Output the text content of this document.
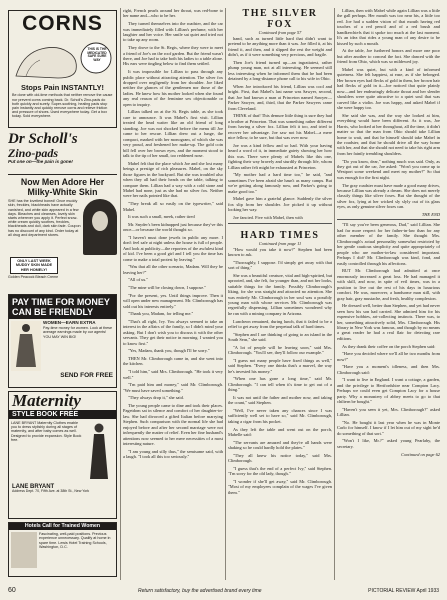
CORNS
THIS IS THE MEDICATED SAFE SURE WAY
Stops Pain INSTANTLY!
Be done with old-time methods that neither remove the cause nor prevent corns coming back. Dr. Scholl's Zino-pads do both quickly and surely. Super-soothing, healing pads stop pain instantly and quickly remove corns and relieve friction and pressure of shoes. Used everywhere today. Get a box today. Sold everywhere.
Dr Scholl's
Zino-pads
Put one on—the pain is gone!
Now Men Adore Her Milky-White Skin
SHE has the loveliest boned! Once muddy skin, freckles, blackheads have actually vanished, and white skin appeared in a few days. Bleaches and cleanses, lovely skin starts wherever you apply it. Perfect snow-white cream quickly soothes, freckles, blackheads and dull, dark skin fade. Coupon has no discount of any kind. Order today at all drug and department stores.
ONLY LAST WEEK MUDDY SKIN MADE HER HOMELY!
Golden Peacock Bleach Creme
PAY TIME FOR MONEY CAN BE FRIENDLY
WOMEN—EARN EXTRA
Pay-time money for women. Look at these average earnings made by our agents! YOU MAY WIN BIG!
SEND FOR FREE
Maternity
STYLE BOOK FREE
LANE BRYANT Maternity Clothes enable you to dress stylishly during all stages of maternity, and after baby comes as well. Designed to provide expansion. Style Book free.
LANE BRYANT
Address Dept. 70, Fifth Ave. at 38th St., New York
Hotels Call for Trained Women
Fascinating, well-paid positions. Previous experience unnecessary. Qualify at home in spare time. Lewis Hotel Training Schools, Washington, D.C.

right, French pearls around her throat, was red-bone to her name and—who to be her.

They turned themselves into the roadster, and the car was immediately filled with Lillian's perfume, with her laughter and her voice. Her smile sat quiet and tried not to take up any room.

They drove to the St. Regis, where they were to meet a friend of Joe's on the roof garden. But the friend wasn't there, and Joe had to take both his ladies to a table alone. His ears were tingling below to find them settled.

It was impossible for Lillian to pass through any public place without attracting attention. The silver fox dropped over negligently from her shoulder. Joe liked neither the glances of the gentlemen nor those of the ladies. He knew how his mother looked when she found any real reason of the feminine sex objectionable or open to inquiry.

Lillian talked on at the St. Regis table, as she took care to announce. It was Mabel's first visit. Lillian treated the head waiter like an old friend of long standing. Joe was not shocked before the menu till Joe came to her rescue. Lillian drew out a lunge, the compact, marked with her monogram, of which she was very proud, and freshened her make-up. The gold coin bill fell over her brown eyes, and the moment stood to talk to the tip of her small, too reddened nose.

Mabel felt that the place which Joe and she lost many beings a prestige of rich pleasures. Mabel, on the sky those figures in the backyard. But she was troubled also when they all had their heads on the table, talking to compare them. Lillian had a way with a cold stone and Mabel had none, just as she had no silver fox. Neither were her nails pointed like that.

"They break all so easily on the typewriter," said Mabel.

It was such a small, meek, rather tired

Mr. Snyder's been kidnapped just because they've this once—or because the world thought so.

"I haven't must done jewels in public any more. I don't feel safe at night unless the house is full of people. And look at publicity—the reporters of the awfulest kind of kid. I've been a good girl and I tell you the time has come to make a total protest by leaving."

"Was that all the other scenario, Madam. Will they be leaving her?"

"All of us."

"The mine will be closing down, I suppose."

"For the present, yes. Until things improve. Then it will open under new management. Mr. Climborough has sold out his interests entirely."

"Thank you, Madam, for telling me."

"That's all right, Ivy. You always seemed to take an interest in the affairs of the family, so I didn't mind your asking. But I don't wish you to discuss it with the other servants. They get their notice in morning. I wanted you to know first."

"Yes, Madam, thank you, though I'll be sorry."

THEN Mr. Climborough came in, and she went into the kitchen.

"I told him," said Mrs. Climborough. "He took it very well."

"I'm paid him and money," said Mr. Climborough. "We must have saved something."

"They always drop it," she said.

The young people came to dine and took their places. Pagetdom sat in silence and comfort of her daughter-in-law. She had divorced a gifted Italian before marrying Stephen. Such comparison with the normal life she had enjoyed before and after her second marriage were not infrequently the matter of relief. Even her fine husband's attentions now seemed to her mere necessities of a most interesting nature.

"I am young and silly thus," the semisame said, with a laugh. "I took all this too seriously."

THE SILVER FOX
Continued from page 57

hand, such as turned little hard that didn't want to pretend to be anything more than it was. Joe filled it, at his friend it, and then, and it slipped the rest the weight and didn't, as if it were something very precious, and fragile.

Then Joe's friend turned up—an ingratiatest, rather plump young man, not at all interesting. He seemed still less interesting when he informed them that he had been detained by a long-distance phone call to his wife in Ohio.

When Joe introduced his friend, Lillian was cool and bright. First, that Mabel's last name was Sawyer, second, that Joe had known a man at Princeton named Sawyer—Parker Sawyer, and, third, that the Parker Sawyers came from Cleveland.

THINK of that! This demure little thing is sure they had a brother at Princeton. That was something rather different from having a silver fox. Lillian felt it too, and tried to recover her advantage. Joe saw not his Mabel—a mere nice fellow, to be sure, but that was over now.

Joe was a kind fellow and so had. With your having heard a word of it, in immediate gaiety showing her how this was. There were plenty of Mabels like this one, fighting their way bravely and sturdily through life, whom Lillian rather felt might be exhausted at Princeton.

"My mother had a hard time too," he said, "and sometimes I've been afraid she hasn't as many camps. But we're getting along famously now, and Parker's going to make good too."

Mabel gave him a grateful glance. Suddenly the silver fox slip from her shoulder. Joe picked it up without looking her way.

Joe fancied. Five with Mabel, then with

HARD TIMES
Continued from page 11

"How would you take it now?" Stephen had been known to ask.

"Thoroughly, I suppose. I'd simply get away with that sort of thing."

She was a beautiful creature, vital and high-spirited, but uprooted, and, she felt, far younger than, and not her looks, suitable things for the family. Possibly Climborough's liking, for she was straight and attracted no attention. She was entirely Mr. Climborough in her soul was a possibly young man with whose services Mr. Climborough was regretfully dispensing. Lillian sometimes wondered why he ran with a mining company in Arizona.

Luncheon remained, during lunch, that it failed to be a relief to get away from the perpetual talk of hard times.

"Stephen and I are thinking of going to an island in the South Seas," she said.

"A lot of people will be leaving soon," said Mrs. Climborough. "You'll see, they'll follow our example."

"I guess not many people have fixed things as well," said Stephen. "Every one thinks that's a marvel, the way he's invested his money."

"When one has gone a long time," said Mr. Climborough. "I can tell when it's time to get out of a thing."

It was not until the father and mother now, and taking the count," said Stephen.

"Well, I've never taken any chances since I was sufficiently well set to have so," said Mr. Climborough, taking a cigar from his pocket.

As they left the table and went out on the porch, Mabelle said:

"The servants are amazed and they're all hands were shaking so he could hardly hold the plates."

"They all knew his notice today," said Mrs. Climborough.

"I guess that's the end of a perfect Ivy," said Stephen. "I'm sorry for the old lady, though."

"I wonder if she'll get away," said Mr. Climborough. "Most of my employees complain of the wages I've given them."

Lillian, then with Mabel while again Lillian was a little the gall perhaps. Her mouth was too near his, a little too red. Joe had a sudden vision of that mouth having red touches of a red pencil and of a red brush and handkerchiefs that it spoke too much at the last moment. It's an idea that rides a young man of any desire to be kissed by such a mouth.

At the table, Joe furthered honors and more one poor but after another to conceal the fact. She danced with the friend from Ohio, which was so mildewed joy.

Mabel was quiet, but with a kind of informed quietness. She felt happiest, at ease, as if she belonged. Her brown eyes had flecks of gold in them, her brown hair had flecks of gold in it—Joe noticed that quite plainly now—and her endearingly delicate throat and her slender shoulders were quite attractive to a quiet soul that was carved like a violin. Joe was happy, and asked Mabel if she were happy too.

She said she was, and the way she looked at him, everything would have been different. As it was, Joe Harris, who looked at her throughout, all the time, it didn't matter so that the man from Ohio should take Lillian home to wait, and that he himself should take Mabel in the roadster, and that he should drive all the way home with her, and that she should not need to take his right arm from her faintly trembling shoulders.

"Do you know, dear," nothing much was said. Only, as they got out of the car, Joe asked: "Won't you come up to Westport some weekend and meet my mother?" So that was enough for the first night.

The gray roadster must have made a good many drives, because Lillian was already a dream. She does not merely classify things like silver foxes. But she thought of the silver fox, lying at her wicked sly slyly out of its glass eyes, as only genuine silver foxes can.

THE END

"I'll say you've been generous, Dad," said Lillian. She had far more respect for her father-in-law than for any other member of the family. She thought Mrs. Climborough's actual personality somewhat restricted by her gentle cautious simplicity and quite appropriately of people who are mother-in-law considered important. Perhaps I did? Mr. Climborough was kind, fond, and easily controlled through his affections.

BUT Mr. Climborough had admitted at once enormously increased a great loss. He had managed it with skill, and now, in spite of evil times, was in a position to live out the rest of his days in luxurious comfort. He was, moreover, a handsome man still, with gray hair, gray mustache, and fresh, healthy complexion.

He dressed well, better than Stephen, and yet had never seen how his son had carried. She admired him for his expensive hobbies, art-collecting instincts. There was, to her, something attractively solid, Mrs. Climborough. His library in New York was famous, and though by no means a great reader he had a real flair for detecting rare editions.

As they drank their coffee on the porch Stephen said:

"Have you decided where we'll all be two months from now?"

"Have you a moment's idleness, and then Mrs. Climborough said:

"I want to live in England. I want a cottage, a garden, and the privilege to Hertfordshire near Compton Lacy. Perhaps we could even get Compton Lacy for a house party. Why a monastery of abbey meets to go to that chiltern be bought."

"Haven't you seen it yet, Mrs. Climborough?" asked Lillian.

"No. He bought it last year when he was in Monte Carlo for himself. I know if I let him out of my sight he'd do something of that sort."

"Won't I like, Mr.?" asked young Pearlaby, the secretary.

Continued on page 62
60	Return satisfactory, buy the advertised brand every time	PICTORIAL REVIEW April 1933
